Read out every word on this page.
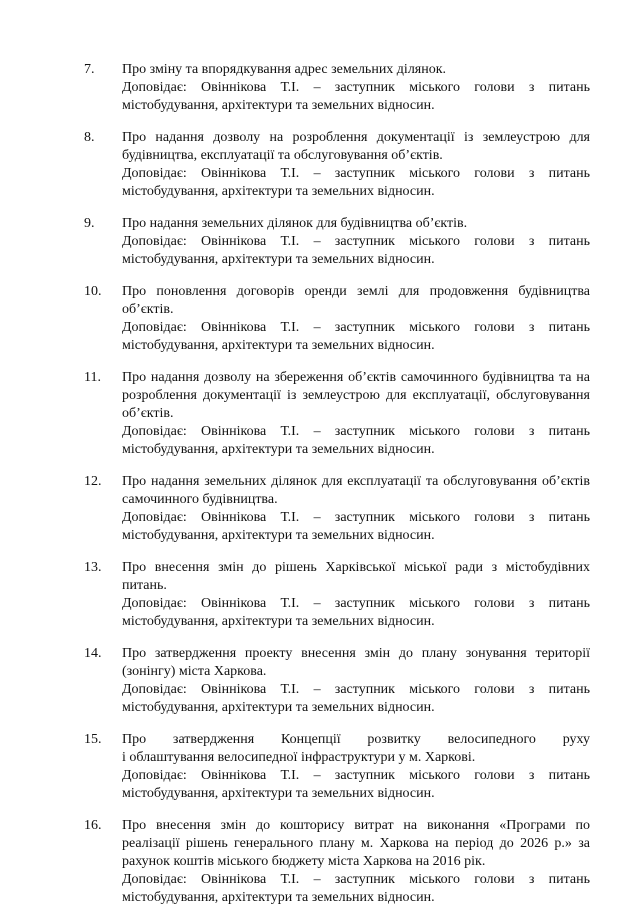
7.	Про зміну та впорядкування адрес земельних ділянок.
Доповідає: Овіннікова Т.І. – заступник міського голови з питань містобудування, архітектури та земельних відносин.
8.	Про надання дозволу на розроблення документації із землеустрою для будівництва, експлуатації та обслуговування об’єктів.
Доповідає: Овіннікова Т.І. – заступник міського голови з питань містобудування, архітектури та земельних відносин.
9.	Про надання земельних ділянок для будівництва об’єктів.
Доповідає: Овіннікова Т.І. – заступник міського голови з питань містобудування, архітектури та земельних відносин.
10.	Про поновлення договорів оренди землі для продовження будівництва об’єктів.
Доповідає: Овіннікова Т.І. – заступник міського голови з питань містобудування, архітектури та земельних відносин.
11.	Про надання дозволу на збереження об’єктів самочинного будівництва та на розроблення документації із землеустрою для експлуатації, обслуговування об’єктів.
Доповідає: Овіннікова Т.І. – заступник міського голови з питань містобудування, архітектури та земельних відносин.
12.	Про надання земельних ділянок для експлуатації та обслуговування об’єктів самочинного будівництва.
Доповідає: Овіннікова Т.І. – заступник міського голови з питань містобудування, архітектури та земельних відносин.
13.	Про внесення змін до рішень Харківської міської ради з містобудівних питань.
Доповідає: Овіннікова Т.І. – заступник міського голови з питань містобудування, архітектури та земельних відносин.
14.	Про затвердження проекту внесення змін до плану зонування території (зонінгу) міста Харкова.
Доповідає: Овіннікова Т.І. – заступник міського голови з питань містобудування, архітектури та земельних відносин.
15.	Про затвердження Концепції розвитку велосипедного руху
і облаштування велосипедної інфраструктури у м. Харкові.
Доповідає: Овіннікова Т.І. – заступник міського голови з питань містобудування, архітектури та земельних відносин.
16.	Про внесення змін до кошторису витрат на виконання «Програми по реалізації рішень генерального плану м. Харкова на період до 2026 р.» за рахунок коштів міського бюджету міста Харкова на 2016 рік.
Доповідає: Овіннікова Т.І. – заступник міського голови з питань містобудування, архітектури та земельних відносин.
